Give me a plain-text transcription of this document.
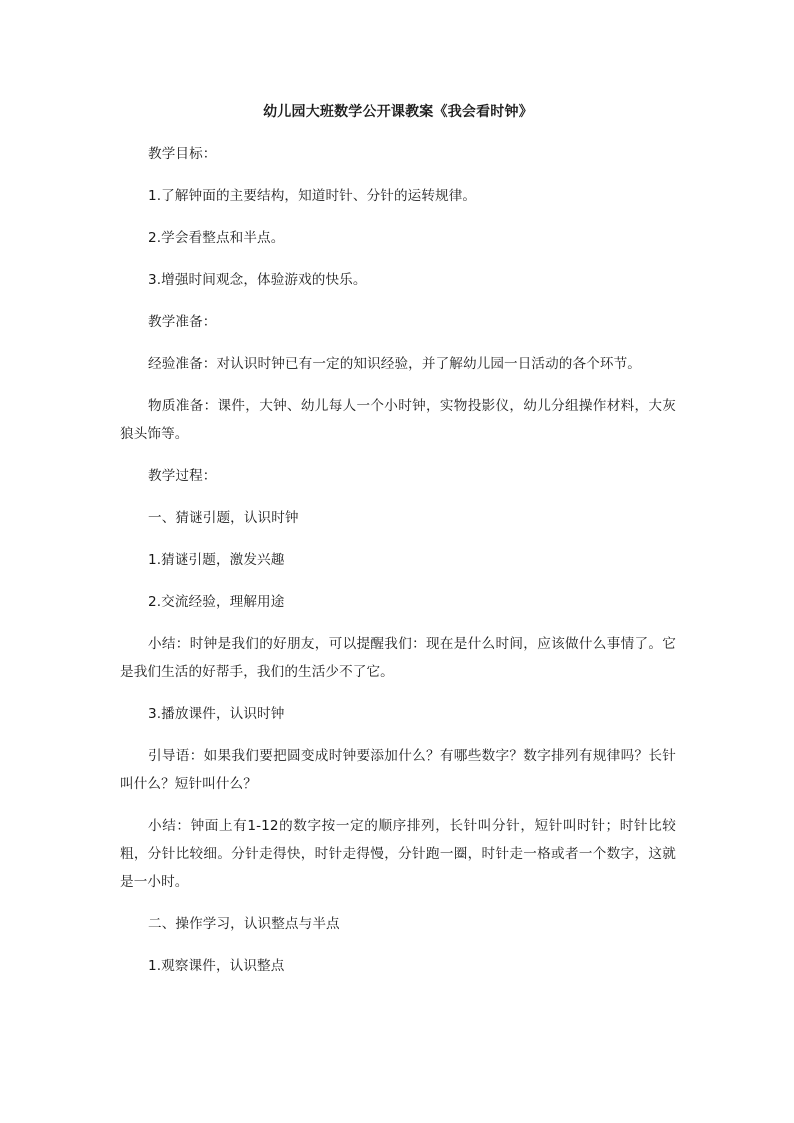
幼儿园大班数学公开课教案《我会看时钟》

教学目标：

1.了解钟面的主要结构，知道时针、分针的运转规律。

2.学会看整点和半点。

3.增强时间观念，体验游戏的快乐。

教学准备：

经验准备：对认识时钟已有一定的知识经验，并了解幼儿园一日活动的各个环节。

物质准备：课件，大钟、幼儿每人一个小时钟，实物投影仪，幼儿分组操作材料，大灰狼头饰等。

教学过程：

一、猜谜引题，认识时钟

1.猜谜引题，激发兴趣

2.交流经验，理解用途

小结：时钟是我们的好朋友，可以提醒我们：现在是什么时间，应该做什么事情了。它是我们生活的好帮手，我们的生活少不了它。

3.播放课件，认识时钟

引导语：如果我们要把圆变成时钟要添加什么？有哪些数字？数字排列有规律吗？长针叫什么？短针叫什么？

小结：钟面上有1-12的数字按一定的顺序排列，长针叫分针，短针叫时针；时针比较粗，分针比较细。分针走得快，时针走得慢，分针跑一圈，时针走一格或者一个数字，这就是一小时。

二、操作学习，认识整点与半点

1.观察课件，认识整点
